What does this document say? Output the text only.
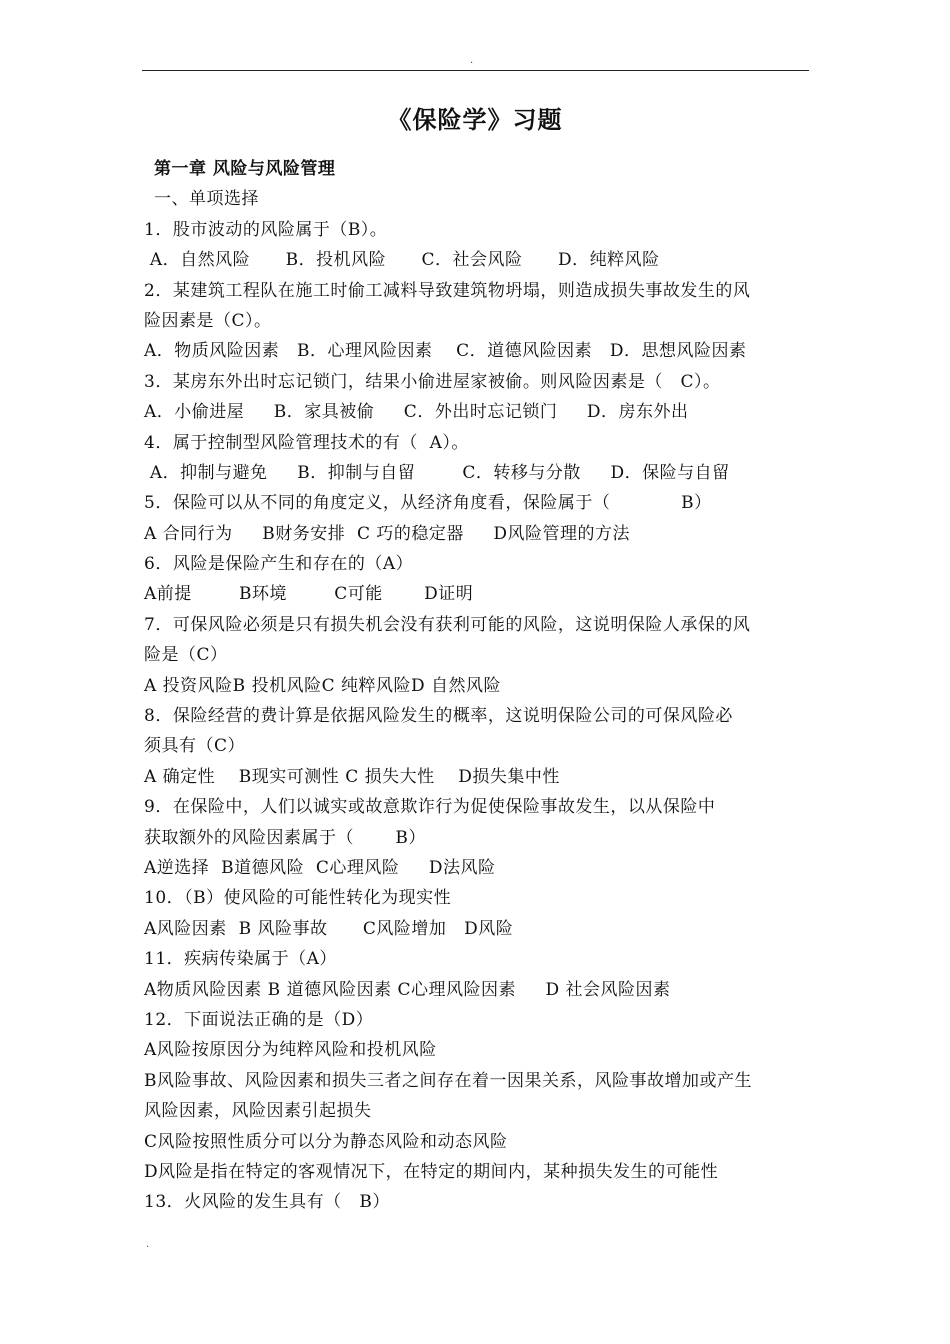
.
《保险学》习题
第一章 风险与风险管理
一、单项选择
1．股市波动的风险属于（B）。
A．自然风险      B．投机风险      C．社会风险      D．纯粹风险
2．某建筑工程队在施工时偷工减料导致建筑物坍塌，则造成损失事故发生的风
险因素是（C）。
A．物质风险因素   B．心理风险因素    C．道德风险因素   D．思想风险因素
3．某房东外出时忘记锁门，结果小偷进屋家被偷。则风险因素是（   C）。
A．小偷进屋     B．家具被偷     C．外出时忘记锁门     D．房东外出
4．属于控制型风险管理技术的有（  A）。
A．抑制与避免     B．抑制与自留        C．转移与分散     D．保险与自留
5．保险可以从不同的角度定义，从经济角度看，保险属于（            B）
A 合同行为     B财务安排  C 巧的稳定器     D风险管理的方法
6．风险是保险产生和存在的（A）
A前提        B环境        C可能       D证明
7．可保风险必须是只有损失机会没有获利可能的风险，这说明保险人承保的风
险是（C）
A 投资风险B 投机风险C 纯粹风险D 自然风险
8．保险经营的费计算是依据风险发生的概率，这说明保险公司的可保风险必
须具有（C）
A 确定性    B现实可测性 C 损失大性    D损失集中性
9．在保险中，人们以诚实或故意欺诈行为促使保险事故发生，以从保险中
获取额外的风险因素属于（       B）
A逆选择  B道德风险  C心理风险     D法风险
10．（B）使风险的可能性转化为现实性
A风险因素  B 风险事故      C风险增加   D风险
11．疾病传染属于（A）
A物质风险因素 B 道德风险因素 C心理风险因素     D 社会风险因素
12．下面说法正确的是（D）
A风险按原因分为纯粹风险和投机风险
B风险事故、风险因素和损失三者之间存在着一因果关系，风险事故增加或产生
风险因素，风险因素引起损失
C风险按照性质分可以分为静态风险和动态风险
D风险是指在特定的客观情况下，在特定的期间内，某种损失发生的可能性
13．火风险的发生具有（   B）
.
